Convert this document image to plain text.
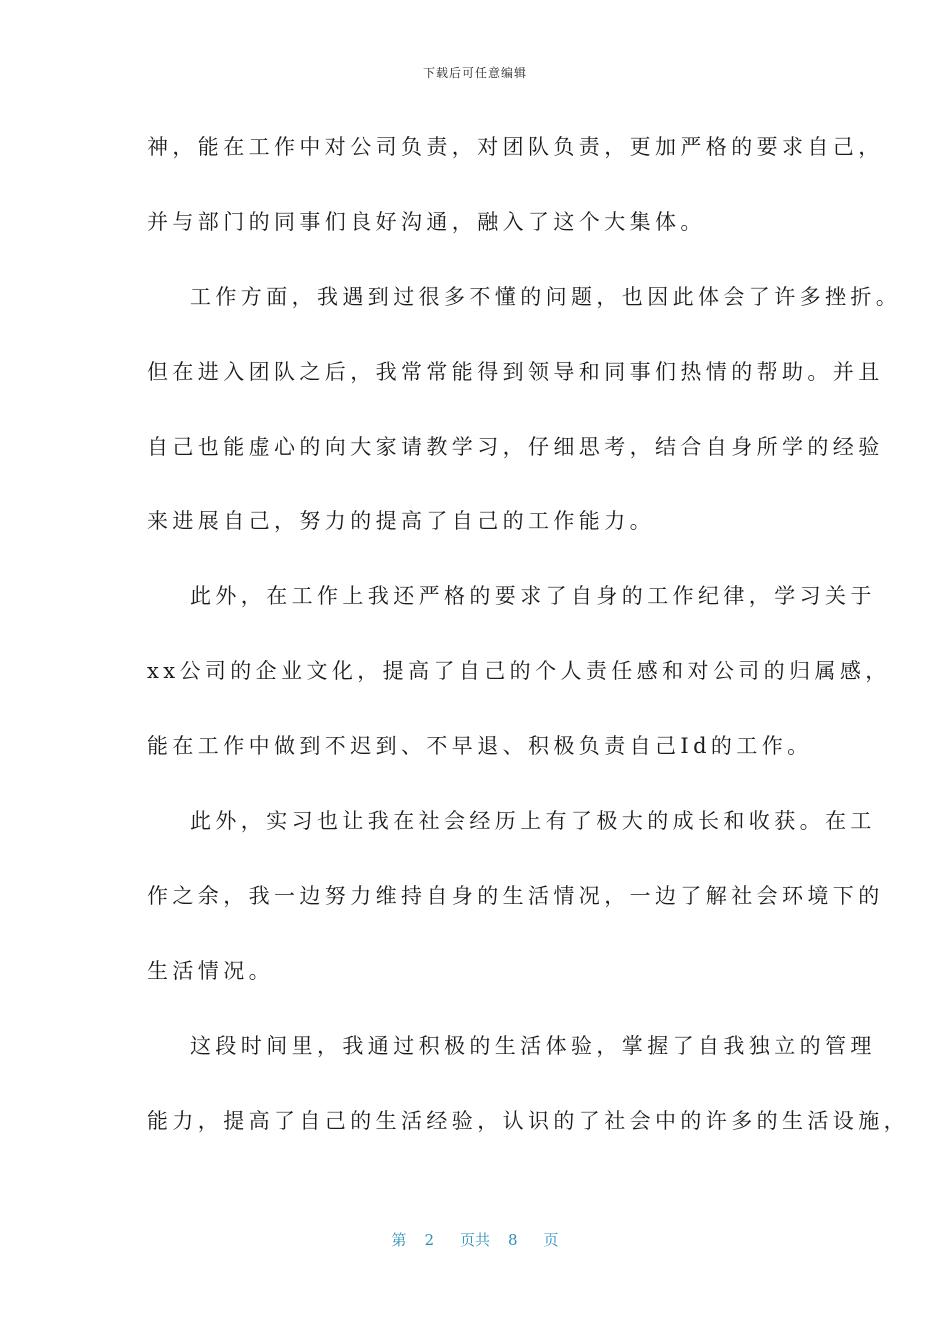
下载后可任意编辑
神，能在工作中对公司负责，对团队负责，更加严格的要求自己，
并与部门的同事们良好沟通，融入了这个大集体。
工作方面，我遇到过很多不懂的问题，也因此体会了许多挫折。
但在进入团队之后，我常常能得到领导和同事们热情的帮助。并且
自己也能虚心的向大家请教学习，仔细思考，结合自身所学的经验
来进展自己，努力的提高了自己的工作能力。
此外，在工作上我还严格的要求了自身的工作纪律，学习关于
xx公司的企业文化，提高了自己的个人责任感和对公司的归属感，
能在工作中做到不迟到、不早退、积极负责自己Id的工作。
此外，实习也让我在社会经历上有了极大的成长和收获。在工
作之余，我一边努力维持自身的生活情况，一边了解社会环境下的
生活情况。
这段时间里，我通过积极的生活体验，掌握了自我独立的管理
能力，提高了自己的生活经验，认识的了社会中的许多的生活设施，
第 2 页共 8 页
